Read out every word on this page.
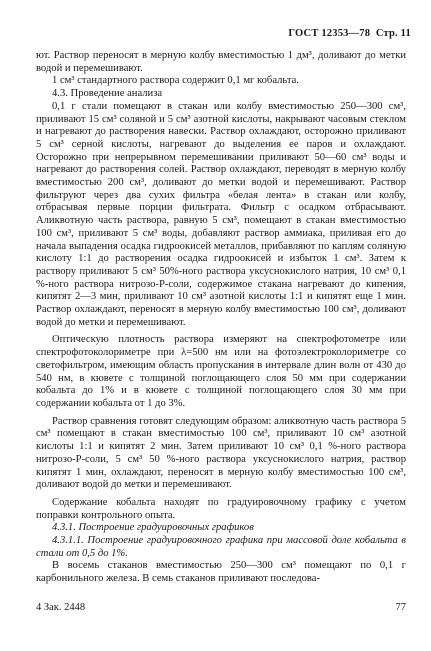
ГОСТ 12353—78 Стр. 11

ют. Раствор переносят в мерную колбу вместимостью 1 дм³, доливают до метки водой и перемешивают.

1 см³ стандартного раствора содержит 0,1 мг кобальта.

4.3. Проведение анализа

0,1 г стали помещают в стакан или колбу вместимостью 250—300 см³, приливают 15 см³ соляной и 5 см³ азотной кислоты, накрывают часовым стеклом и нагревают до растворения навески. Раствор охлаждают, осторожно приливают 5 см³ серной кислоты, нагревают до выделения ее паров и охлаждают. Осторожно при непрерывном перемешивании приливают 50—60 см³ воды и нагревают до растворения солей. Раствор охлаждают, переводят в мерную колбу вместимостью 200 см³, доливают до метки водой и перемешивают. Раствор фильтруют через два сухих фильтра «белая лента» в стакан или колбу, отбрасывая первые порции фильтрата. Фильтр с осадком отбрасывают. Аликвотную часть раствора, равную 5 см³, помещают в стакан вместимостью 100 см³, приливают 5 см³ воды, добавляют раствор аммиака, приливая его до начала выпадения осадка гидроокисей металлов, прибавляют по каплям соляную кислоту 1:1 до растворения осадка гидроокисей и избыток 1 см³. Затем к раствору приливают 5 см³ 50%-ного раствора уксуснокислого натрия, 10 см³ 0,1 %-ного раствора нитрозо-Р-соли, содержимое стакана нагревают до кипения, кипятят 2—3 мин, приливают 10 см³ азотной кислоты 1:1 и кипятят еще 1 мин. Раствор охлаждают, переносят в мерную колбу вместимостью 100 см³, доливают водой до метки и перемешивают.

Оптическую плотность раствора измеряют на спектрофотометре или спектрофотоколориметре при λ=500 нм или на фотоэлектроколориметре со светофильтром, имеющим область пропускания в интервале длин волн от 430 до 540 нм, в кювете с толщиной поглощающего слоя 50 мм при содержании кобальта до 1% и в кювете с толщиной поглощающего слоя 30 мм при содержании кобальта от 1 до 3%.

Раствор сравнения готовят следующим образом: аликвотную часть раствора 5 см³ помещают в стакан вместимостью 100 см³, приливают 10 см³ азотной кислоты 1:1 и кипятят 2 мин. Затем приливают 10 см³ 0,1 %-ного раствора нитрозо-Р-соли, 5 см³ 50 %-ного раствора уксуснокислого натрия, раствор кипятят 1 мин, охлаждают, переносят в мерную колбу вместимостью 100 см³, доливают водой до метки и перемешивают.

Содержание кобальта находят по градуировочному графику с учетом поправки контрольного опыта.

4.3.1. Построение градуировочных графиков

4.3.1.1. Построение градуировочного графика при массовой доле кобальта в стали от 0,5 до 1%.

В восемь стаканов вместимостью 250—300 см³ помещают по 0,1 г карбонильного железа. В семь стаканов приливают последова-

4 Зак. 2448	77
